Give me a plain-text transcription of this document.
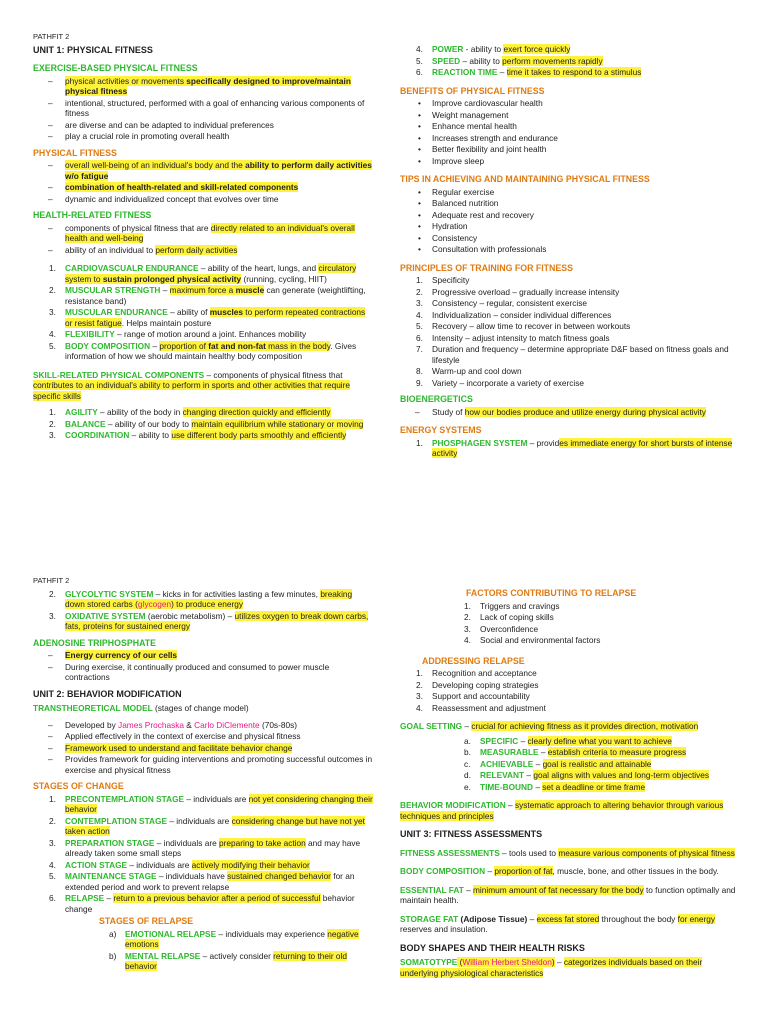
PATHFIT 2
UNIT 1: PHYSICAL FITNESS
EXERCISE-BASED PHYSICAL FITNESS
– physical activities or movements specifically designed to improve/maintain physical fitness
– intentional, structured, performed with a goal of enhancing various components of fitness
– are diverse and can be adapted to individual preferences
– play a crucial role in promoting overall health
PHYSICAL FITNESS
– overall well-being of an individual's body and the ability to perform daily activities w/o fatigue
– combination of health-related and skill-related components
– dynamic and individualized concept that evolves over time
HEALTH-RELATED FITNESS
– components of physical fitness that are directly related to an individual's overall health and well-being
– ability of an individual to perform daily activities
1. CARDIOVASCUALR ENDURANCE – ability of the heart, lungs, and circulatory system to sustain prolonged physical activity (running, cycling, HIIT)
2. MUSCULAR STRENGTH – maximum force a muscle can generate (weightlifting, resistance band)
3. MUSCULAR ENDURANCE – ability of muscles to perform repeated contractions or resist fatigue. Helps maintain posture
4. FLEXIBILITY – range of motion around a joint. Enhances mobility
5. BODY COMPOSITION – proportion of fat and non-fat mass in the body. Gives information of how we should maintain healthy body composition

SKILL-RELATED PHYSICAL COMPONENTS – components of physical fitness that contributes to an individual's ability to perform in sports and other activities that require specific skills

1. AGILITY – ability of the body in changing direction quickly and efficiently
2. BALANCE – ability of our body to maintain equilibrium while stationary or moving
3. COORDINATION – ability to use different body parts smoothly and efficiently
4. POWER - ability to exert force quickly
5. SPEED – ability to perform movements rapidly
6. REACTION TIME – time it takes to respond to a stimulus
BENEFITS OF PHYSICAL FITNESS
• Improve cardiovascular health
• Weight management
• Enhance mental health
• Increases strength and endurance
• Better flexibility and joint health
• Improve sleep
TIPS IN ACHIEVING AND MAINTAINING PHYSICAL FITNESS
• Regular exercise
• Balanced nutrition
• Adequate rest and recovery
• Hydration
• Consistency
• Consultation with professionals
PRINCIPLES OF TRAINING FOR FITNESS
1. Specificity
2. Progressive overload – gradually increase intensity
3. Consistency – regular, consistent exercise
4. Individualization – consider individual differences
5. Recovery – allow time to recover in between workouts
6. Intensity – adjust intensity to match fitness goals
7. Duration and frequency – determine appropriate D&F based on fitness goals and lifestyle
8. Warm-up and cool down
9. Variety – incorporate a variety of exercise
BIOENERGETICS
– Study of how our bodies produce and utilize energy during physical activity
ENERGY SYSTEMS
1. PHOSPHAGEN SYSTEM – provides immediate energy for short bursts of intense activity
PATHFIT 2
2. GLYCOLYTIC SYSTEM – kicks in for activities lasting a few minutes, breaking down stored carbs (glycogen) to produce energy
3. OXIDATIVE SYSTEM (aerobic metabolism) – utilizes oxygen to break down carbs, fats, proteins for sustained energy
ADENOSINE TRIPHOSPHATE
– Energy currency of our cells
– During exercise, it continually produced and consumed to power muscle contractions
UNIT 2: BEHAVIOR MODIFICATION

TRANSTHEORETICAL MODEL (stages of change model)

– Developed by James Prochaska & Carlo DiClemente (70s-80s)
– Applied effectively in the context of exercise and physical fitness
– Framework used to understand and facilitate behavior change
– Provides framework for guiding interventions and promoting successful outcomes in exercise and physical fitness
STAGES OF CHANGE
1. PRECONTEMPLATION STAGE – individuals are not yet considering changing their behavior
2. CONTEMPLATION STAGE – individuals are considering change but have not yet taken action
3. PREPARATION STAGE – individuals are preparing to take action and may have already taken some small steps
4. ACTION STAGE – individuals are actively modifying their behavior
5. MAINTENANCE STAGE – individuals have sustained changed behavior for an extended period and work to prevent relapse
6. RELAPSE – return to a previous behavior after a period of successful behavior change
STAGES OF RELAPSE
a) EMOTIONAL RELAPSE – individuals may experience negative emotions
b) MENTAL RELAPSE – actively consider returning to their old behavior
FACTORS CONTRIBUTING TO RELAPSE
1. Triggers and cravings
2. Lack of coping skills
3. Overconfidence
4. Social and environmental factors
ADDRESSING RELAPSE
1. Recognition and acceptance
2. Developing coping strategies
3. Support and accountability
4. Reassessment and adjustment

GOAL SETTING – crucial for achieving fitness as it provides direction, motivation

a. SPECIFIC – clearly define what you want to achieve
b. MEASURABLE – establish criteria to measure progress
c. ACHIEVABLE – goal is realistic and attainable
d. RELEVANT – goal aligns with values and long-term objectives
e. TIME-BOUND – set a deadline or time frame

BEHAVIOR MODIFICATION – systematic approach to altering behavior through various techniques and principles

UNIT 3: FITNESS ASSESSMENTS

FITNESS ASSESSMENTS – tools used to measure various components of physical fitness

BODY COMPOSITION – proportion of fat, muscle, bone, and other tissues in the body.

ESSENTIAL FAT – minimum amount of fat necessary for the body to function optimally and maintain health.

STORAGE FAT (Adipose Tissue) – excess fat stored throughout the body for energy reserves and insulation.

BODY SHAPES AND THEIR HEALTH RISKS

SOMATOTYPE (William Herbert Sheldon) – categorizes individuals based on their underlying physiological characteristics
